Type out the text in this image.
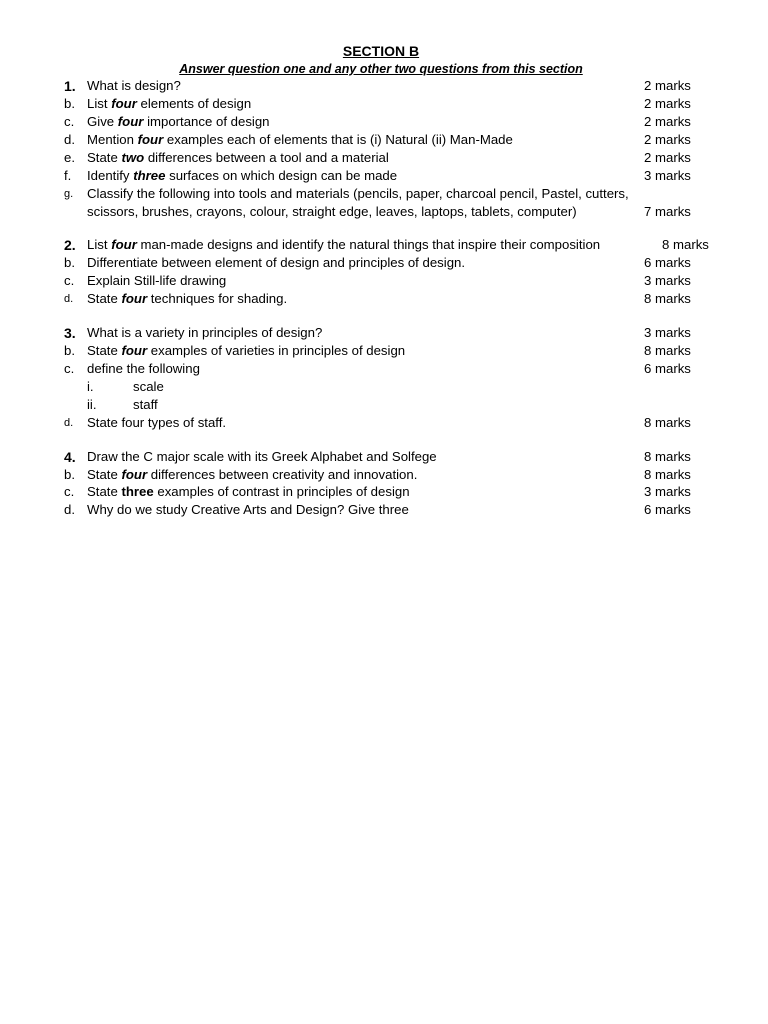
SECTION B
Answer question one and any other two questions from this section
1. What is design?	2 marks
b. List four elements of design	2 marks
c. Give four importance of design	2 marks
d. Mention four examples each of elements that is (i) Natural (ii) Man-Made	2 marks
e. State two differences between a tool and a material	2 marks
f. Identify three surfaces on which design can be made	3 marks
g. Classify the following into tools and materials (pencils, paper, charcoal pencil, Pastel, cutters,
scissors, brushes, crayons, colour, straight edge, leaves, laptops, tablets, computer)	7 marks
2. List four man-made designs and identify the natural things that inspire their composition	8 marks
b. Differentiate between element of design and principles of design.	6 marks
c. Explain Still-life drawing	3 marks
d. State four techniques for shading.	8 marks
3. What is a variety in principles of design?	3 marks
b. State four examples of varieties in principles of design	8 marks
c. define the following	6 marks
i.	scale
ii.	staff
d. State four types of staff.	8 marks
4. Draw the C major scale with its Greek Alphabet and Solfege	8 marks
b. State four differences between creativity and innovation.	8 marks
c. State three examples of contrast in principles of design	3 marks
d. Why do we study Creative Arts and Design? Give three	6 marks
